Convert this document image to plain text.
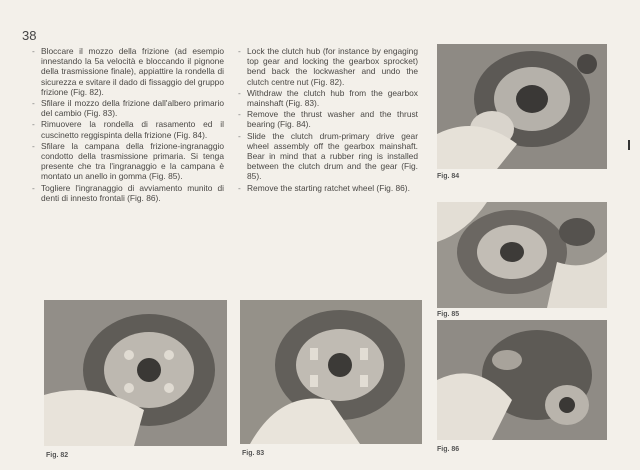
38
- Bloccare il mozzo della frizione (ad esempio innestando la 5a velocità e bloccando il pignone della trasmissione finale), appiattire la rondella di sicurezza e svitare il dado di fissaggio del gruppo frizione (Fig. 82).
- Sfilare il mozzo della frizione dall'albero primario del cambio (Fig. 83).
- Rimuovere la rondella di rasamento ed il cuscinetto reggispinta della frizione (Fig. 84).
- Sfilare la campana della frizione-ingranaggio condotto della trasmissione primaria. Si tenga presente che tra l'ingranaggio e la campana è montato un anello in gomma (Fig. 85).
- Togliere l'ingranaggio di avviamento munito di denti di innesto frontali (Fig. 86).
- Lock the clutch hub (for instance by engaging top gear and locking the gearbox sprocket) bend back the lockwasher and undo the clutch centre nut (Fig. 82).
- Withdraw the clutch hub from the gearbox mainshaft (Fig. 83).
- Remove the thrust washer and the thrust bearing (Fig. 84).
- Slide the clutch drum-primary drive gear wheel assembly off the gearbox mainshaft. Bear in mind that a rubber ring is installed between the clutch drum and the gear (Fig. 85).
- Remove the starting ratchet wheel (Fig. 86).
Fig. 84
Fig. 85
Fig. 82	Fig. 83
Fig. 86
